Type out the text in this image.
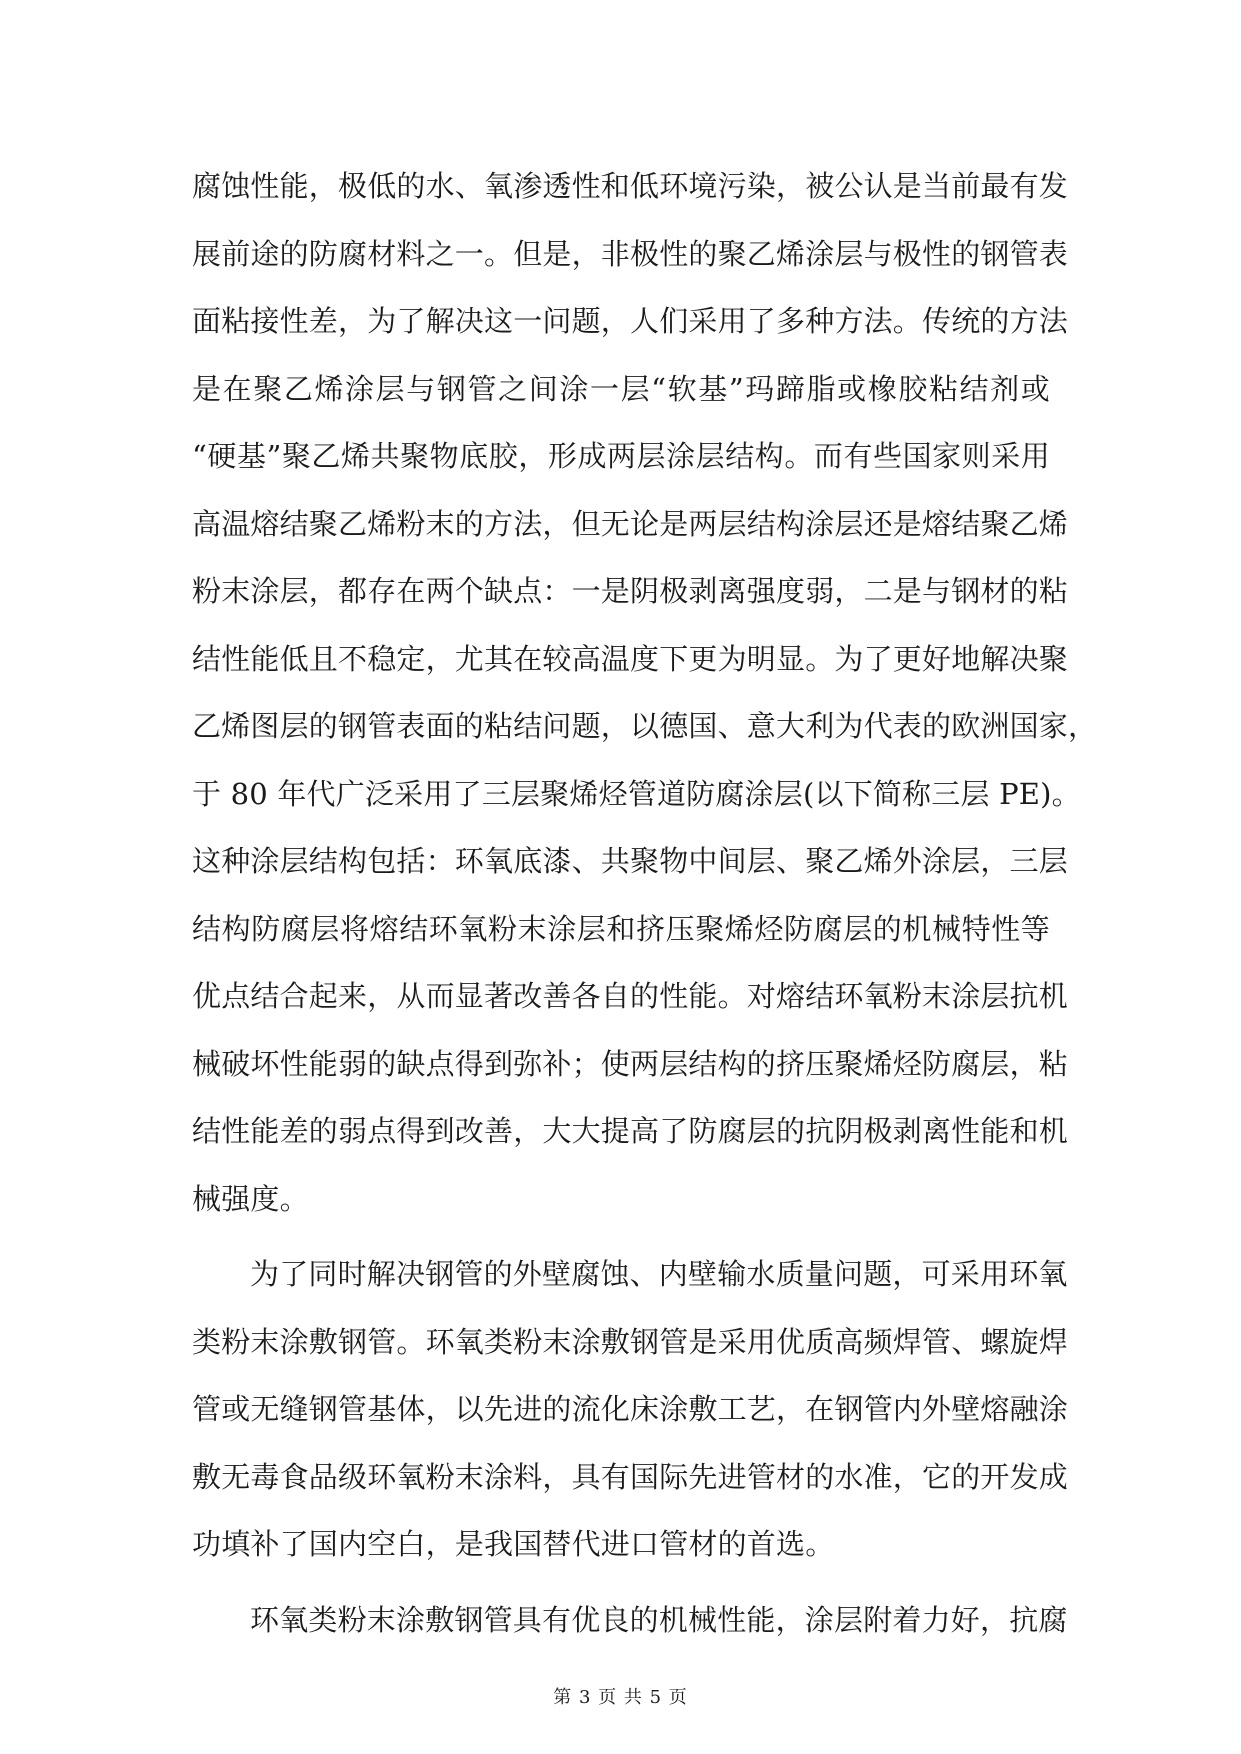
腐蚀性能，极低的水、氧渗透性和低环境污染，被公认是当前最有发
展前途的防腐材料之一。但是，非极性的聚乙烯涂层与极性的钢管表
面粘接性差，为了解决这一问题，人们采用了多种方法。传统的方法
是在聚乙烯涂层与钢管之间涂一层“软基”玛蹄脂或橡胶粘结剂或
“硬基”聚乙烯共聚物底胶，形成两层涂层结构。而有些国家则采用
高温熔结聚乙烯粉末的方法，但无论是两层结构涂层还是熔结聚乙烯
粉末涂层，都存在两个缺点：一是阴极剥离强度弱，二是与钢材的粘
结性能低且不稳定，尤其在较高温度下更为明显。为了更好地解决聚
乙烯图层的钢管表面的粘结问题，以德国、意大利为代表的欧洲国家，
于 80 年代广泛采用了三层聚烯烃管道防腐涂层(以下简称三层 PE)。
这种涂层结构包括：环氧底漆、共聚物中间层、聚乙烯外涂层，三层
结构防腐层将熔结环氧粉末涂层和挤压聚烯烃防腐层的机械特性等
优点结合起来，从而显著改善各自的性能。对熔结环氧粉末涂层抗机
械破坏性能弱的缺点得到弥补；使两层结构的挤压聚烯烃防腐层，粘
结性能差的弱点得到改善，大大提高了防腐层的抗阴极剥离性能和机
械强度。
为了同时解决钢管的外壁腐蚀、内壁输水质量问题，可采用环氧
类粉末涂敷钢管。环氧类粉末涂敷钢管是采用优质高频焊管、螺旋焊
管或无缝钢管基体，以先进的流化床涂敷工艺，在钢管内外壁熔融涂
敷无毒食品级环氧粉末涂料，具有国际先进管材的水准，它的开发成
功填补了国内空白，是我国替代进口管材的首选。
环氧类粉末涂敷钢管具有优良的机械性能，涂层附着力好，抗腐
第 3 页 共 5 页
